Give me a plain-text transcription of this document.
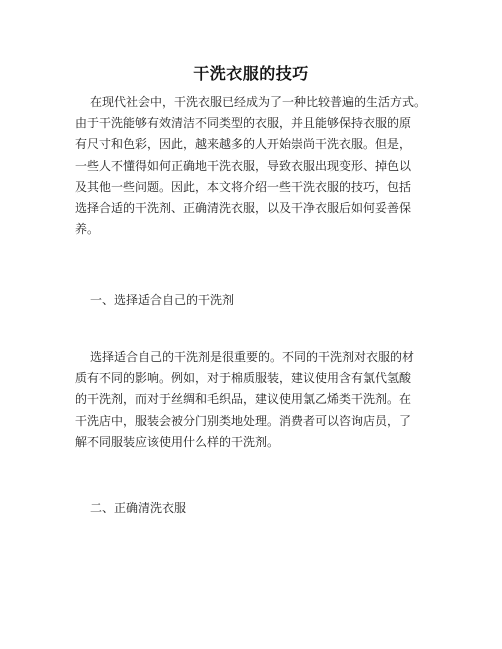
干洗衣服的技巧
在现代社会中，干洗衣服已经成为了一种比较普遍的生活方式。
由于干洗能够有效清洁不同类型的衣服，并且能够保持衣服的原
有尺寸和色彩，因此，越来越多的人开始崇尚干洗衣服。但是，
一些人不懂得如何正确地干洗衣服，导致衣服出现变形、掉色以
及其他一些问题。因此，本文将介绍一些干洗衣服的技巧，包括
选择合适的干洗剂、正确清洗衣服，以及干净衣服后如何妥善保
养。
一、选择适合自己的干洗剂
选择适合自己的干洗剂是很重要的。不同的干洗剂对衣服的材
质有不同的影响。例如，对于棉质服装，建议使用含有氯代氢酸
的干洗剂，而对于丝绸和毛织品，建议使用氯乙烯类干洗剂。在
干洗店中，服装会被分门别类地处理。消费者可以咨询店员，了
解不同服装应该使用什么样的干洗剂。
二、正确清洗衣服
